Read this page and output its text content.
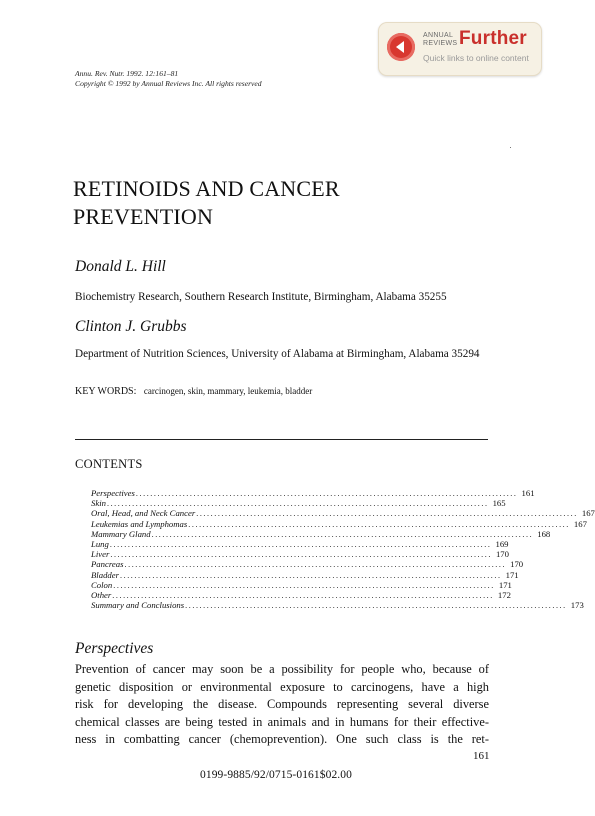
ANNUAL
REVIEWS Further
Quick links to online content
Annu. Rev. Nutr. 1992. 12:161–81
Copyright © 1992 by Annual Reviews Inc. All rights reserved
RETINOIDS AND CANCER
PREVENTION
Donald L. Hill
Biochemistry Research, Southern Research Institute, Birmingham, Alabama 35255
Clinton J. Grubbs
Department of Nutrition Sciences, University of Alabama at Birmingham, Alabama 35294
KEY WORDS: carcinogen, skin, mammary, leukemia, bladder
CONTENTS
Perspectives .......................................................................................................... 161
Skin .......................................................................................................... 165
Oral, Head, and Neck Cancer .......................................................................................................... 167
Leukemias and Lymphomas .......................................................................................................... 167
Mammary Gland .......................................................................................................... 168
Lung .......................................................................................................... 169
Liver .......................................................................................................... 170
Pancreas .......................................................................................................... 170
Bladder .......................................................................................................... 171
Colon .......................................................................................................... 171
Other .......................................................................................................... 172
Summary and Conclusions .......................................................................................................... 173
Perspectives
Prevention of cancer may soon be a possibility for people who, because of
genetic disposition or environmental exposure to carcinogens, have a high
risk for developing the disease. Compounds representing several diverse
chemical classes are being tested in animals and in humans for their effective-
ness in combatting cancer (chemoprevention). One such class is the ret-
161
0199-9885/92/0715-0161$02.00
